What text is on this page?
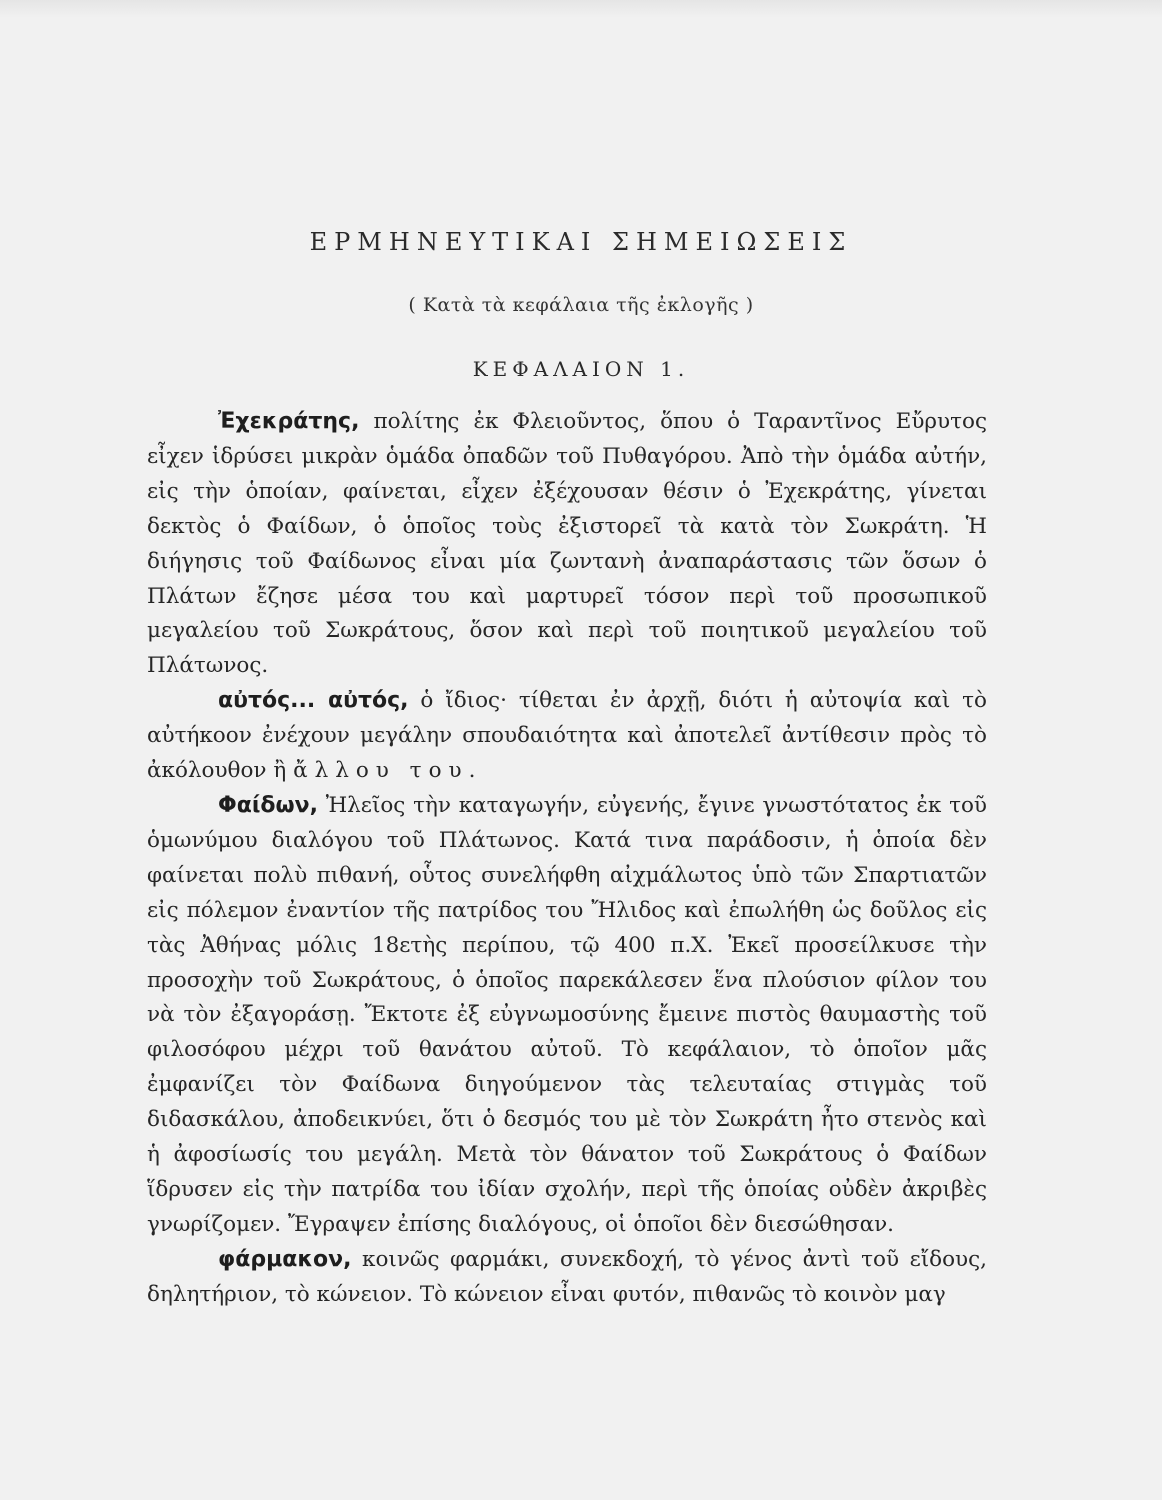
ΕΡΜΗΝΕΥΤΙΚΑΙ ΣΗΜΕΙΩΣΕΙΣ
( Κατὰ τὰ κεφάλαια τῆς ἐκλογῆς )
ΚΕΦΑΛΑΙΟΝ 1.

Ἐχεκράτης, πολίτης ἐκ Φλειοῦντος, ὅπου ὁ Ταραντῖνος Εὔρυτος εἶχεν ἱδρύσει μικρὰν ὁμάδα ὀπαδῶν τοῦ Πυθαγόρου. Ἀπὸ τὴν ὁμάδα αὐτήν, εἰς τὴν ὁποίαν, φαίνεται, εἶχεν ἐξέχουσαν θέσιν ὁ Ἐχεκράτης, γίνεται δεκτὸς ὁ Φαίδων, ὁ ὁποῖος τοὺς ἐξιστορεῖ τὰ κατὰ τὸν Σωκράτη. Ἡ διήγησις τοῦ Φαίδωνος εἶναι μία ζωντανὴ ἀναπαράστασις τῶν ὅσων ὁ Πλάτων ἔζησε μέσα του καὶ μαρτυρεῖ τόσον περὶ τοῦ προσωπικοῦ μεγαλείου τοῦ Σωκράτους, ὅσον καὶ περὶ τοῦ ποιητικοῦ μεγαλείου τοῦ Πλάτωνος.

αὐτός... αὐτός, ὁ ἴδιος· τίθεται ἐν ἀρχῇ, διότι ἡ αὐτοψία καὶ τὸ αὐτήκοον ἐνέχουν μεγάλην σπουδαιότητα καὶ ἀποτελεῖ ἀντίθεσιν πρὸς τὸ ἀκόλουθον ἢ ἄλλου του.

Φαίδων, Ἠλεῖος τὴν καταγωγήν, εὐγενής, ἔγινε γνωστότατος ἐκ τοῦ ὁμωνύμου διαλόγου τοῦ Πλάτωνος. Κατά τινα παράδοσιν, ἡ ὁποία δὲν φαίνεται πολὺ πιθανή, οὗτος συνελήφθη αἰχμάλωτος ὑπὸ τῶν Σπαρτιατῶν εἰς πόλεμον ἐναντίον τῆς πατρίδος του Ἤλιδος καὶ ἐπωλήθη ὡς δοῦλος εἰς τὰς Ἀθήνας μόλις 18ετὴς περίπου, τῷ 400 π.Χ. Ἐκεῖ προσείλκυσε τὴν προσοχὴν τοῦ Σωκράτους, ὁ ὁποῖος παρεκάλεσεν ἕνα πλούσιον φίλον του νὰ τὸν ἐξαγοράσῃ. Ἔκτοτε ἐξ εὐγνωμοσύνης ἔμεινε πιστὸς θαυμαστὴς τοῦ φιλοσόφου μέχρι τοῦ θανάτου αὐτοῦ. Τὸ κεφάλαιον, τὸ ὁποῖον μᾶς ἐμφανίζει τὸν Φαίδωνα διηγούμενον τὰς τελευταίας στιγμὰς τοῦ διδασκάλου, ἀποδεικνύει, ὅτι ὁ δεσμός του μὲ τὸν Σωκράτη ἦτο στενὸς καὶ ἡ ἀφοσίωσίς του μεγάλη. Μετὰ τὸν θάνατον τοῦ Σωκράτους ὁ Φαίδων ἵδρυσεν εἰς τὴν πατρίδα του ἰδίαν σχολήν, περὶ τῆς ὁποίας οὐδὲν ἀκριβὲς γνωρίζομεν. Ἔγραψεν ἐπίσης διαλόγους, οἱ ὁποῖοι δὲν διεσώθησαν.

φάρμακον, κοινῶς φαρμάκι, συνεκδοχή, τὸ γένος ἀντὶ τοῦ εἴδους, δηλητήριον, τὸ κώνειον. Τὸ κώνειον εἶναι φυτόν, πιθανῶς τὸ κοινὸν μαγ
